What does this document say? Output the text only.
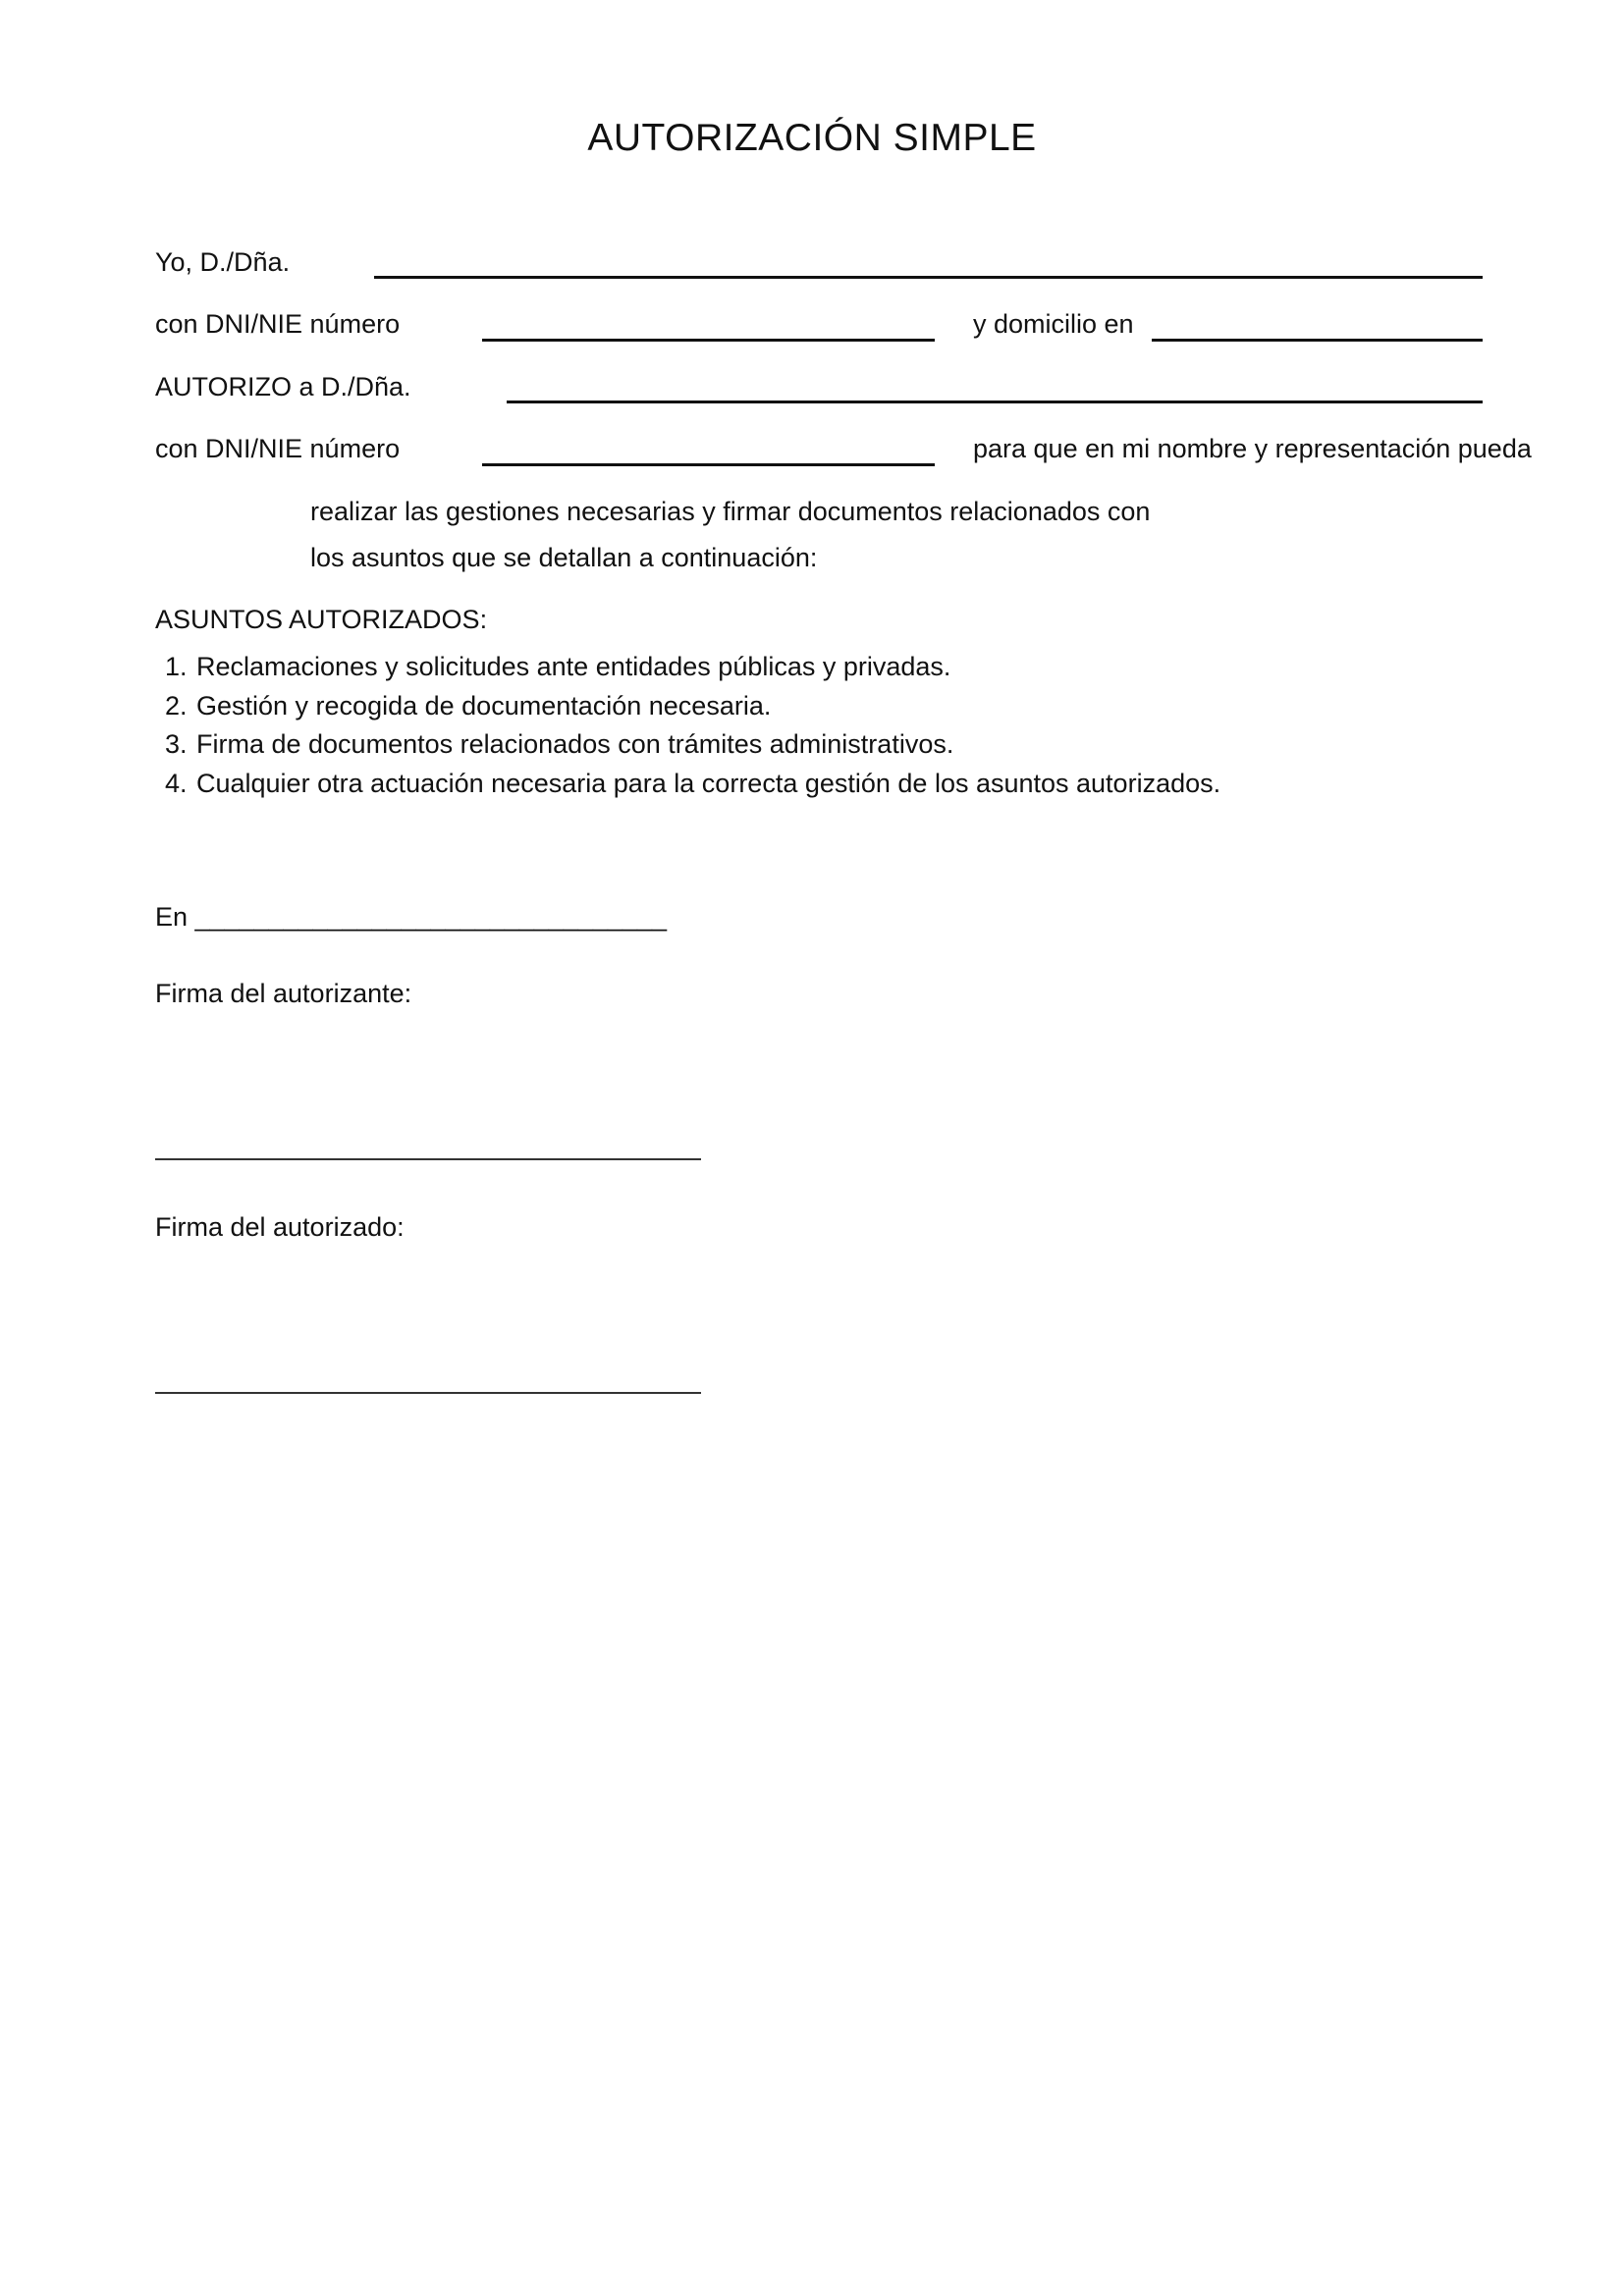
AUTORIZACIÓN SIMPLE
Yo, D./Dña.
con DNI/NIE número	y domicilio en
AUTORIZO a D./Dña.
con DNI/NIE número	para que en mi nombre y representación pueda
realizar las gestiones necesarias y firmar documentos relacionados con
los asuntos que se detallan a continuación:
ASUNTOS AUTORIZADOS:
1. Reclamaciones y solicitudes ante entidades públicas y privadas.
2. Gestión y recogida de documentación necesaria.
3. Firma de documentos relacionados con trámites administrativos.
4. Cualquier otra actuación necesaria para la correcta gestión de los asuntos autorizados.
En ________________________________
Firma del autorizante:
Firma del autorizado:
